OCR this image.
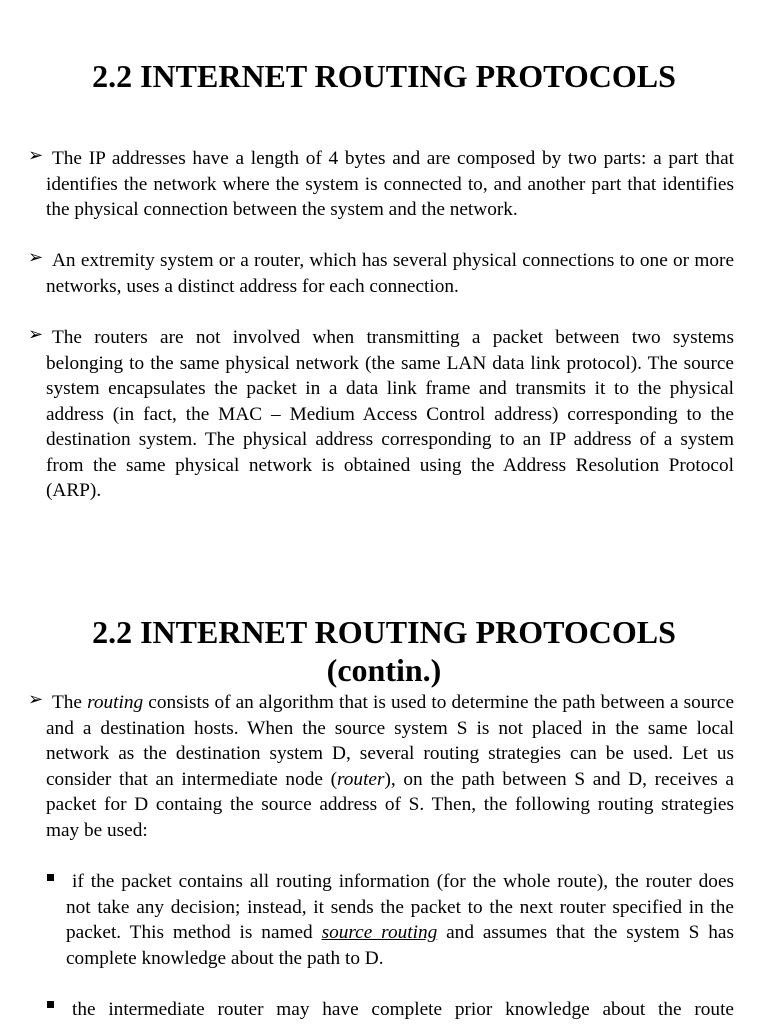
2.2 INTERNET ROUTING PROTOCOLS
➢ The IP addresses have a length of 4 bytes and are composed by two parts: a part that identifies the network where the system is connected to, and another part that identifies the physical connection between the system and the network.

➢ An extremity system or a router, which has several physical connections to one or more networks, uses a distinct address for each connection.

➢ The routers are not involved when transmitting a packet between two systems belonging to the same physical network (the same LAN data link protocol). The source system encapsulates the packet in a data link frame and transmits it to the physical address (in fact, the MAC – Medium Access Control address) corresponding to the destination system. The physical address corresponding to an IP address of a system from the same physical network is obtained using the Address Resolution Protocol (ARP).

2.2 INTERNET ROUTING PROTOCOLS
(contin.)
➢ The routing consists of an algorithm that is used to determine the path between a source and a destination hosts. When the source system S is not placed in the same local network as the destination system D, several routing strategies can be used. Let us consider that an intermediate node (router), on the path between S and D, receives a packet for D containg the source address of S. Then, the following routing strategies may be used:

if the packet contains all routing information (for the whole route), the router does not take any decision; instead, it sends the packet to the next router specified in the packet. This method is named source routing and assumes that the system S has complete knowledge about the path to D.

the intermediate router may have complete prior knowledge about the route
